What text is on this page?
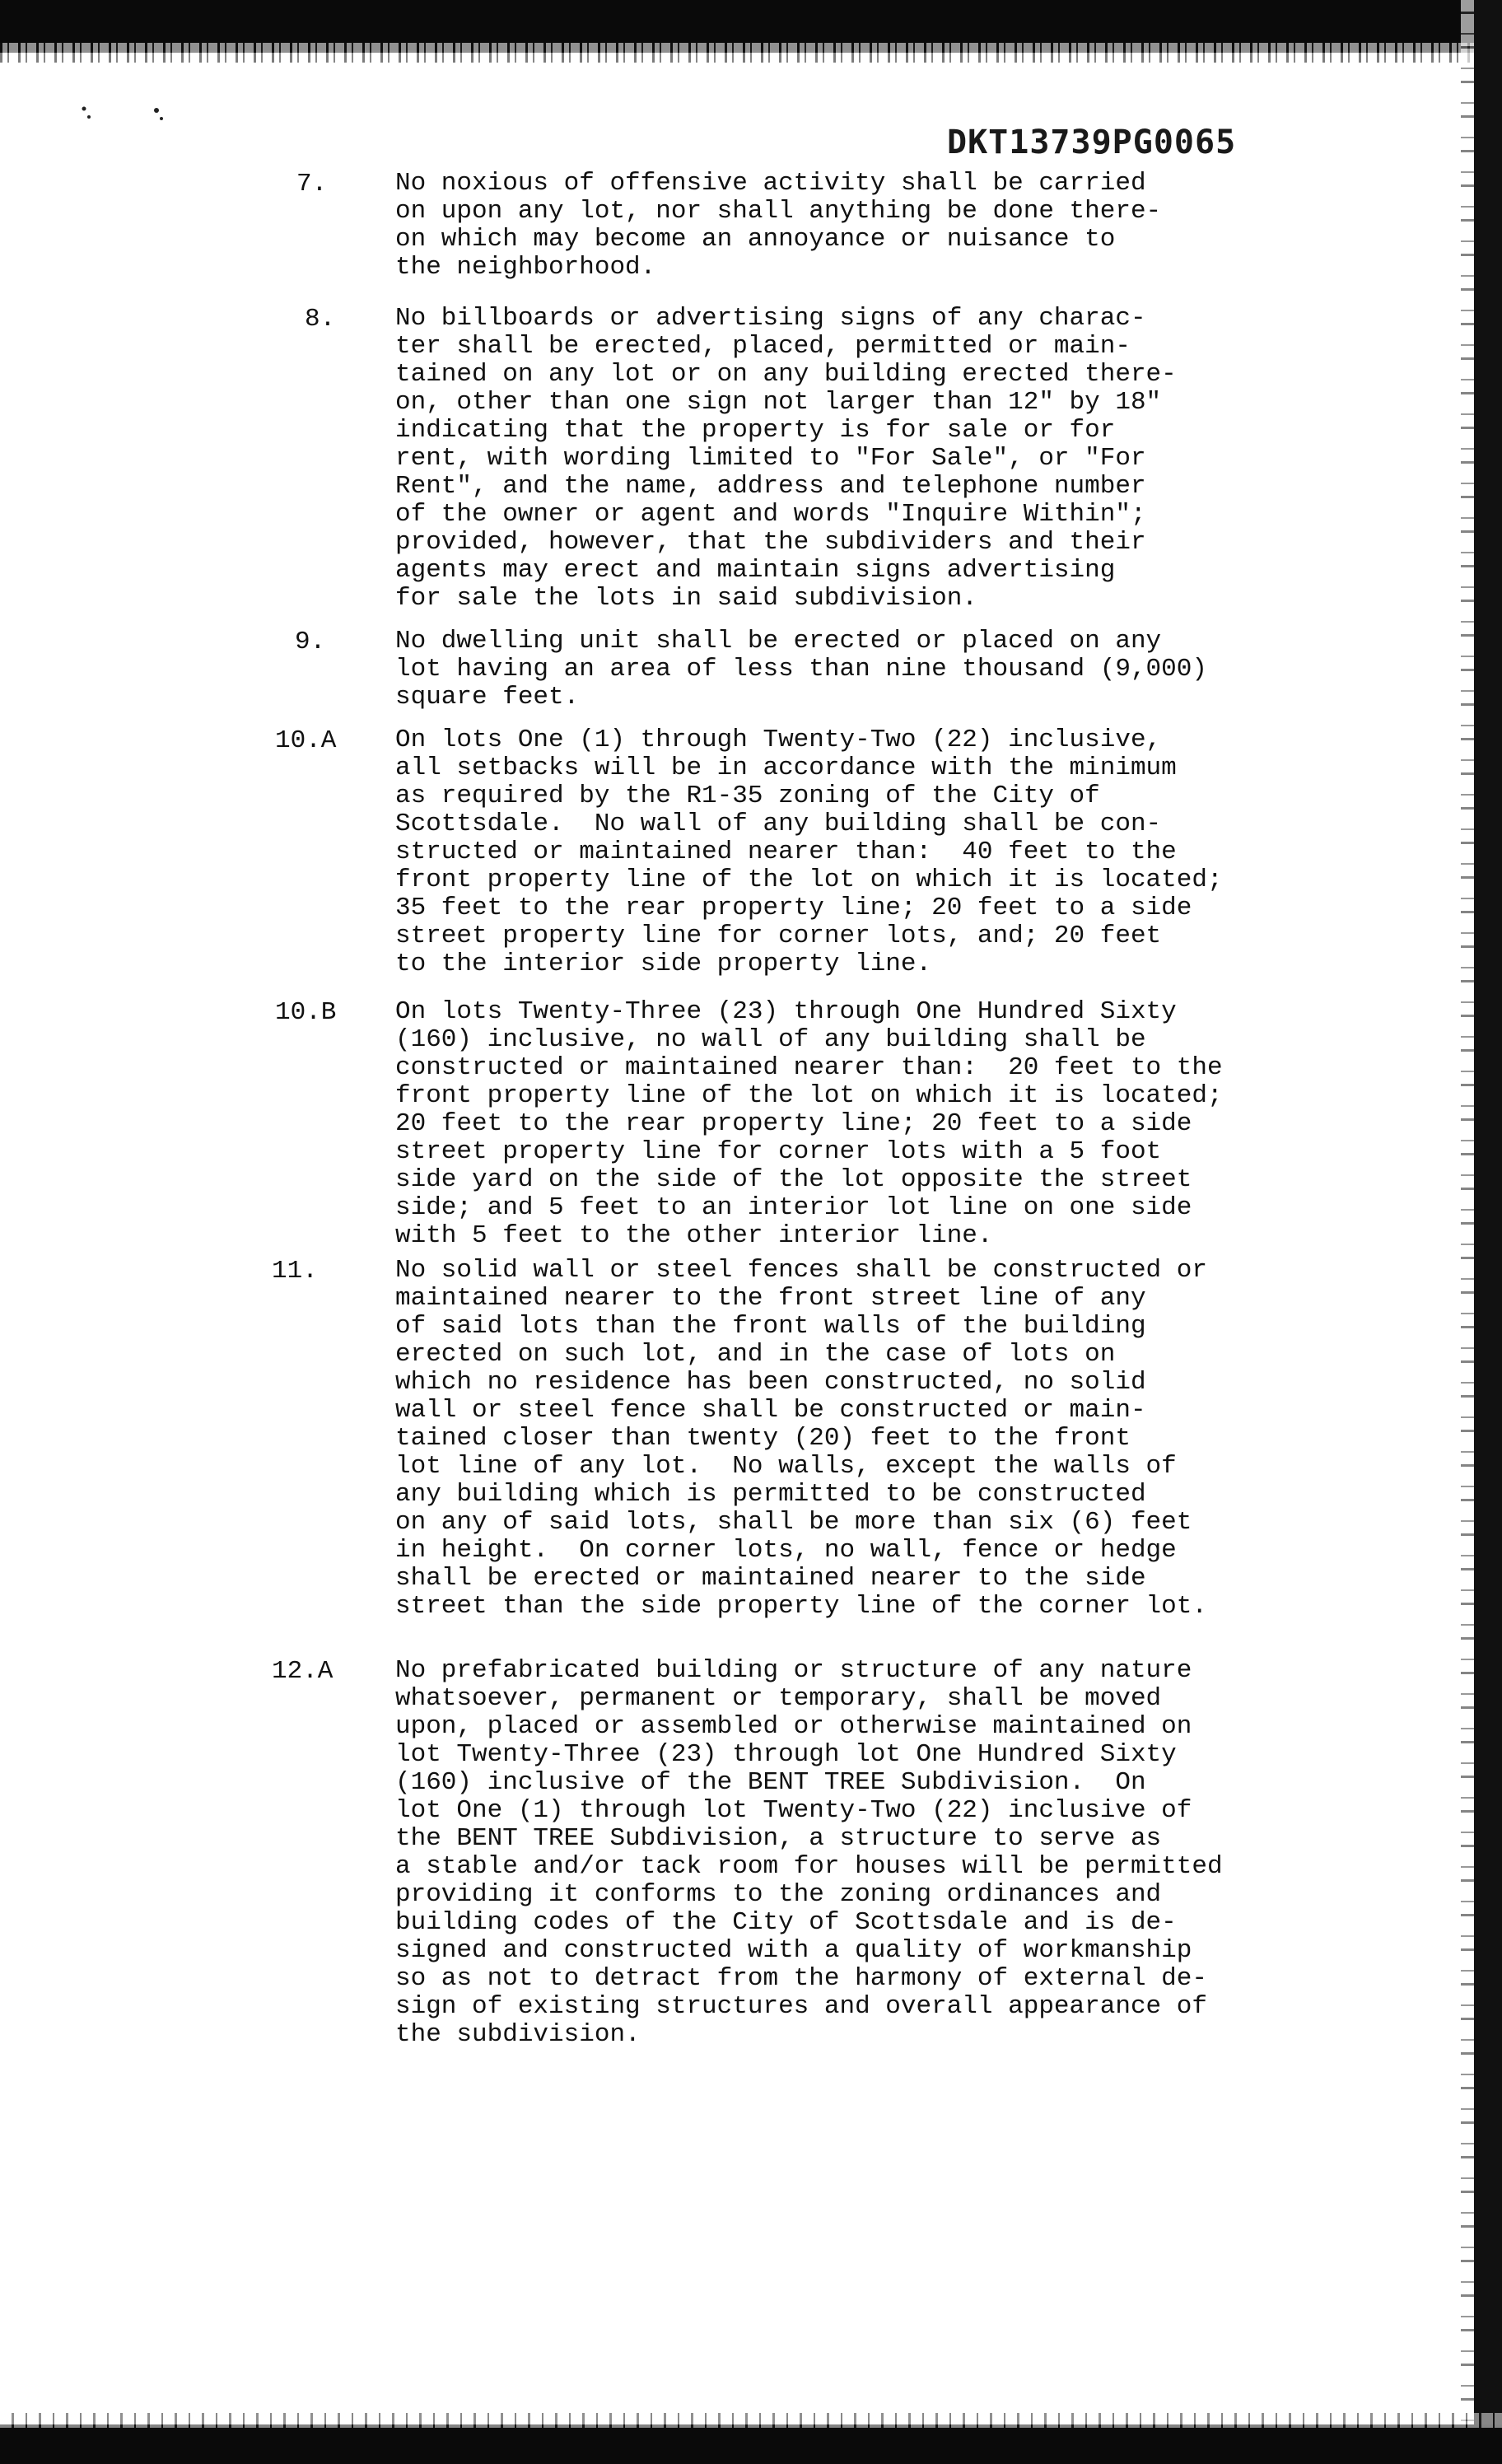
DKT13739PG0065
7.	No noxious of offensive activity shall be carried
on upon any lot, nor shall anything be done there-
on which may become an annoyance or nuisance to
the neighborhood.
8. No billboards or advertising signs of any charac-
ter shall be erected, placed, permitted or main-
tained on any lot or on any building erected there-
on, other than one sign not larger than 12" by 18"
indicating that the property is for sale or for
rent, with wording limited to "For Sale", or "For
Rent", and the name, address and telephone number
of the owner or agent and words "Inquire Within";
provided, however, that the subdividers and their
agents may erect and maintain signs advertising
for sale the lots in said subdivision.
9.	No dwelling unit shall be erected or placed on any
lot having an area of less than nine thousand (9,000)
square feet.
10.A On lots One (1) through Twenty-Two (22) inclusive,
all setbacks will be in accordance with the minimum
as required by the R1-35 zoning of the City of
Scottsdale.  No wall of any building shall be con-
structed or maintained nearer than:  40 feet to the
front property line of the lot on which it is located;
35 feet to the rear property line; 20 feet to a side
street property line for corner lots, and; 20 feet
to the interior side property line.
10.B On lots Twenty-Three (23) through One Hundred Sixty
(160) inclusive, no wall of any building shall be
constructed or maintained nearer than:  20 feet to the
front property line of the lot on which it is located;
20 feet to the rear property line; 20 feet to a side
street property line for corner lots with a 5 foot
side yard on the side of the lot opposite the street
side; and 5 feet to an interior lot line on one side
with 5 feet to the other interior line.
11.	No solid wall or steel fences shall be constructed or
maintained nearer to the front street line of any
of said lots than the front walls of the building
erected on such lot, and in the case of lots on
which no residence has been constructed, no solid
wall or steel fence shall be constructed or main-
tained closer than twenty (20) feet to the front
lot line of any lot.  No walls, except the walls of
any building which is permitted to be constructed
on any of said lots, shall be more than six (6) feet
in height.  On corner lots, no wall, fence or hedge
shall be erected or maintained nearer to the side
street than the side property line of the corner lot.
12.A No prefabricated building or structure of any nature
whatsoever, permanent or temporary, shall be moved
upon, placed or assembled or otherwise maintained on
lot Twenty-Three (23) through lot One Hundred Sixty
(160) inclusive of the BENT TREE Subdivision.  On
lot One (1) through lot Twenty-Two (22) inclusive of
the BENT TREE Subdivision, a structure to serve as
a stable and/or tack room for houses will be permitted
providing it conforms to the zoning ordinances and
building codes of the City of Scottsdale and is de-
signed and constructed with a quality of workmanship
so as not to detract from the harmony of external de-
sign of existing structures and overall appearance of
the subdivision.
